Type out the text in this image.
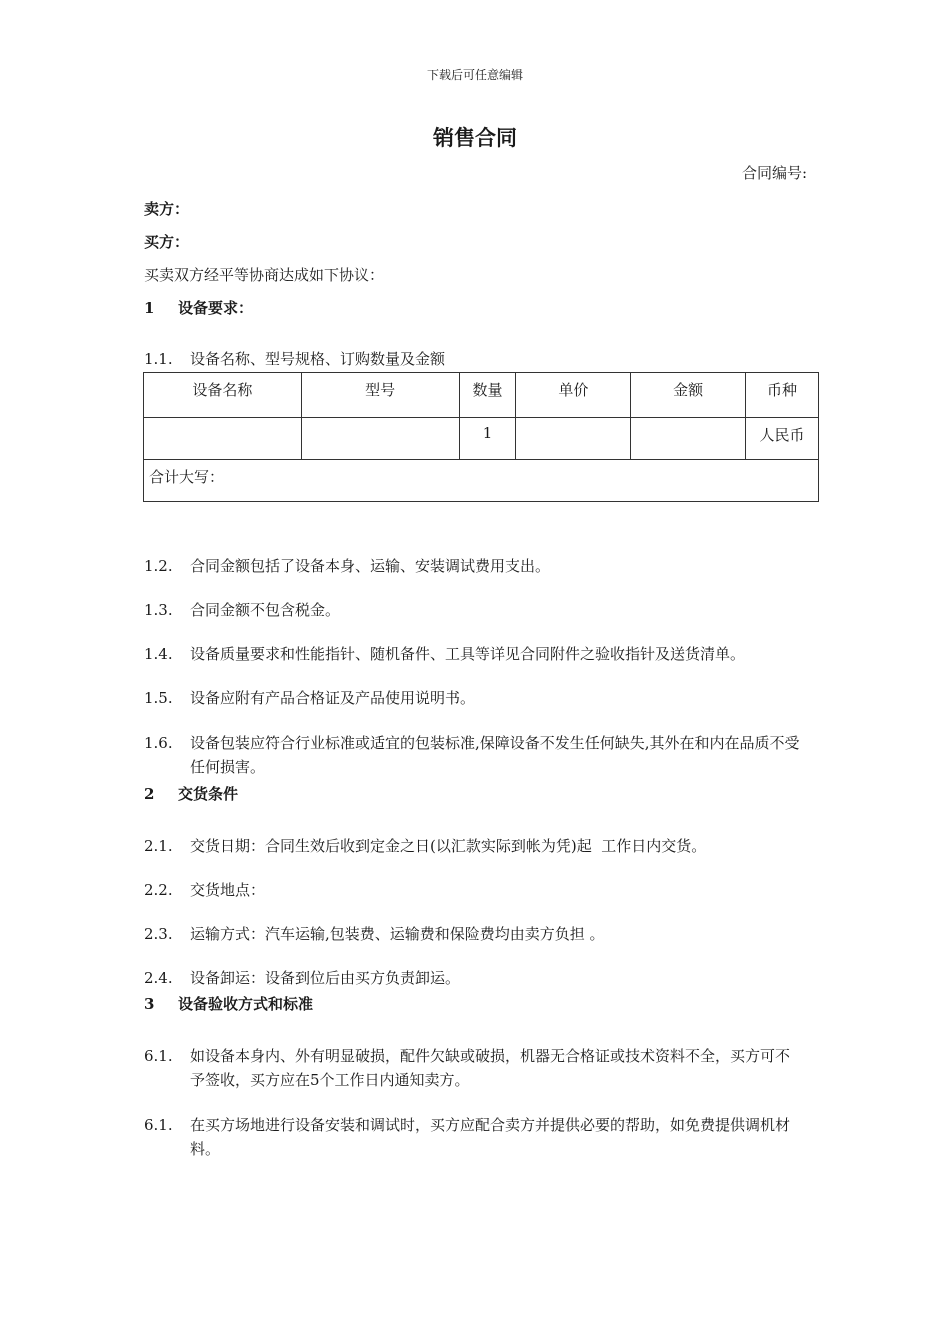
下载后可任意编辑
销售合同
合同编号:
卖方：
买方：
买卖双方经平等协商达成如下协议：
1 设备要求：
1.1. 设备名称、型号规格、订购数量及金额
设备名称	型号	数量	单价	金额	币种
		1			人民币
合计大写：					
1.2. 合同金额包括了设备本身、运输、安装调试费用支出。
1.3. 合同金额不包含税金。
1.4. 设备质量要求和性能指针、随机备件、工具等详见合同附件之验收指针及送货清单。
1.5. 设备应附有产品合格证及产品使用说明书。
1.6. 设备包装应符合行业标准或适宜的包装标准,保障设备不发生任何缺失,其外在和内在品质不受任何损害。
2 交货条件
2.1. 交货日期：合同生效后收到定金之日(以汇款实际到帐为凭)起  工作日内交货。
2.2. 交货地点：
2.3. 运输方式：汽车运输,包装费、运输费和保险费均由卖方负担 。
2.4. 设备卸运：设备到位后由买方负责卸运。
3 设备验收方式和标准
6.1. 如设备本身内、外有明显破损，配件欠缺或破损，机器无合格证或技术资料不全，买方可不予签收，买方应在5个工作日内通知卖方。
6.1. 在买方场地进行设备安装和调试时，买方应配合卖方并提供必要的帮助，如免费提供调机材料。
